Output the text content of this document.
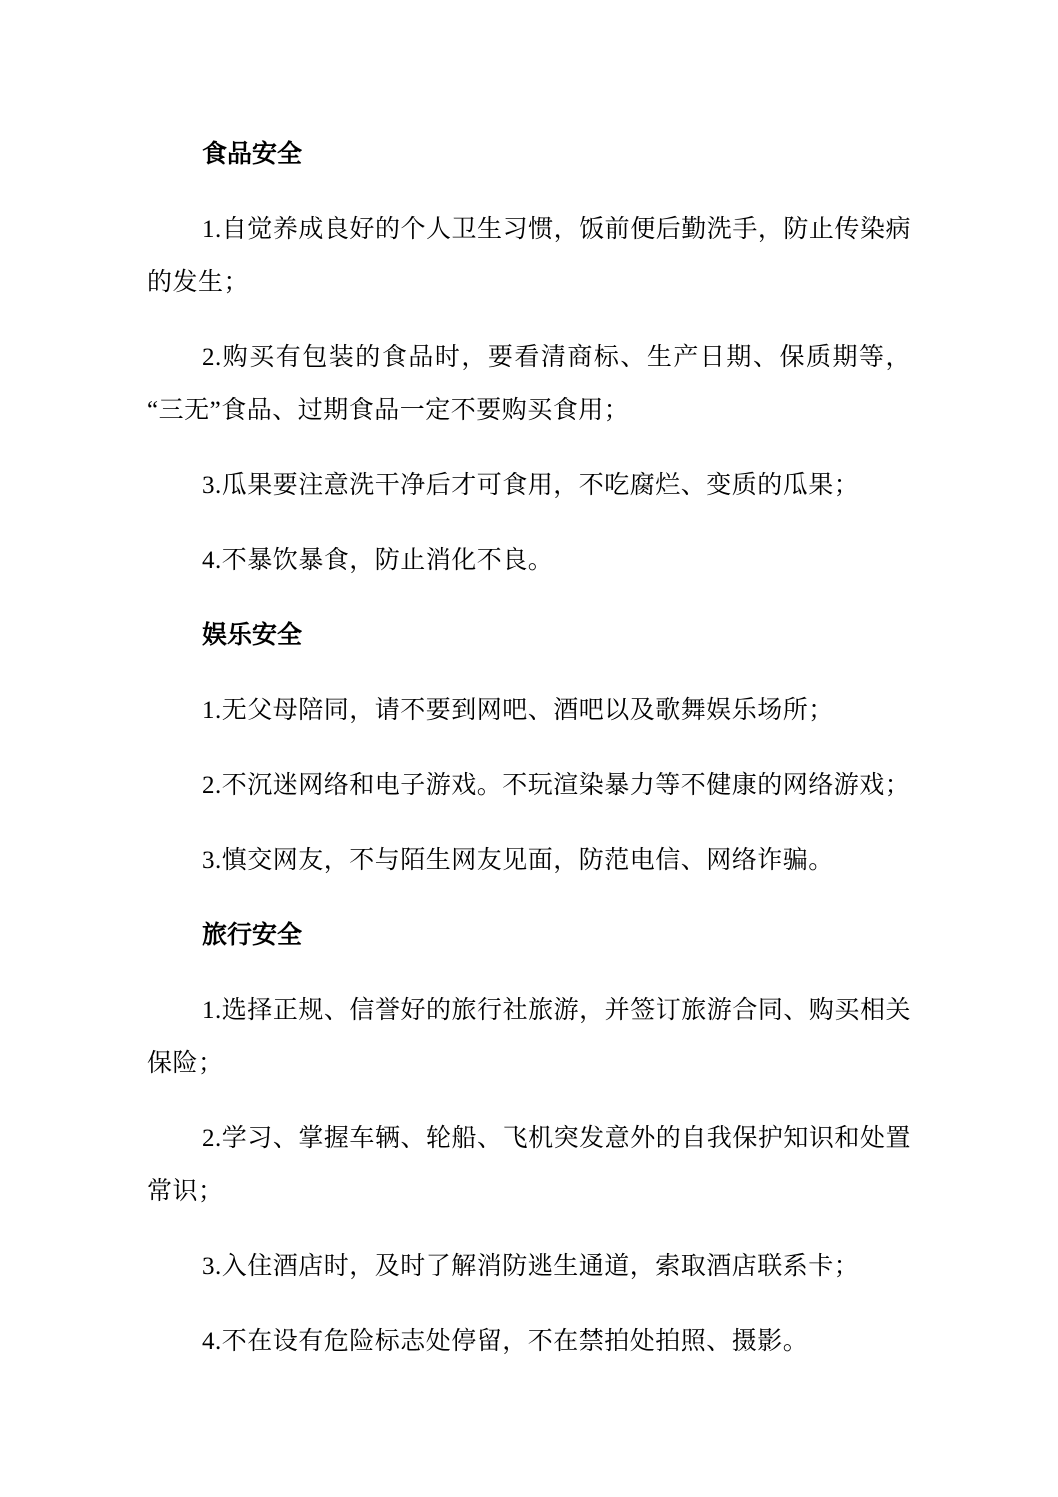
食品安全

1.自觉养成良好的个人卫生习惯，饭前便后勤洗手，防止传染病的发生；

2.购买有包装的食品时，要看清商标、生产日期、保质期等，“三无”食品、过期食品一定不要购买食用；

3.瓜果要注意洗干净后才可食用，不吃腐烂、变质的瓜果；

4.不暴饮暴食，防止消化不良。

娱乐安全

1.无父母陪同，请不要到网吧、酒吧以及歌舞娱乐场所；

2.不沉迷网络和电子游戏。不玩渲染暴力等不健康的网络游戏；

3.慎交网友，不与陌生网友见面，防范电信、网络诈骗。

旅行安全

1.选择正规、信誉好的旅行社旅游，并签订旅游合同、购买相关保险；

2.学习、掌握车辆、轮船、飞机突发意外的自我保护知识和处置常识；

3.入住酒店时，及时了解消防逃生通道，索取酒店联系卡；

4.不在设有危险标志处停留，不在禁拍处拍照、摄影。
